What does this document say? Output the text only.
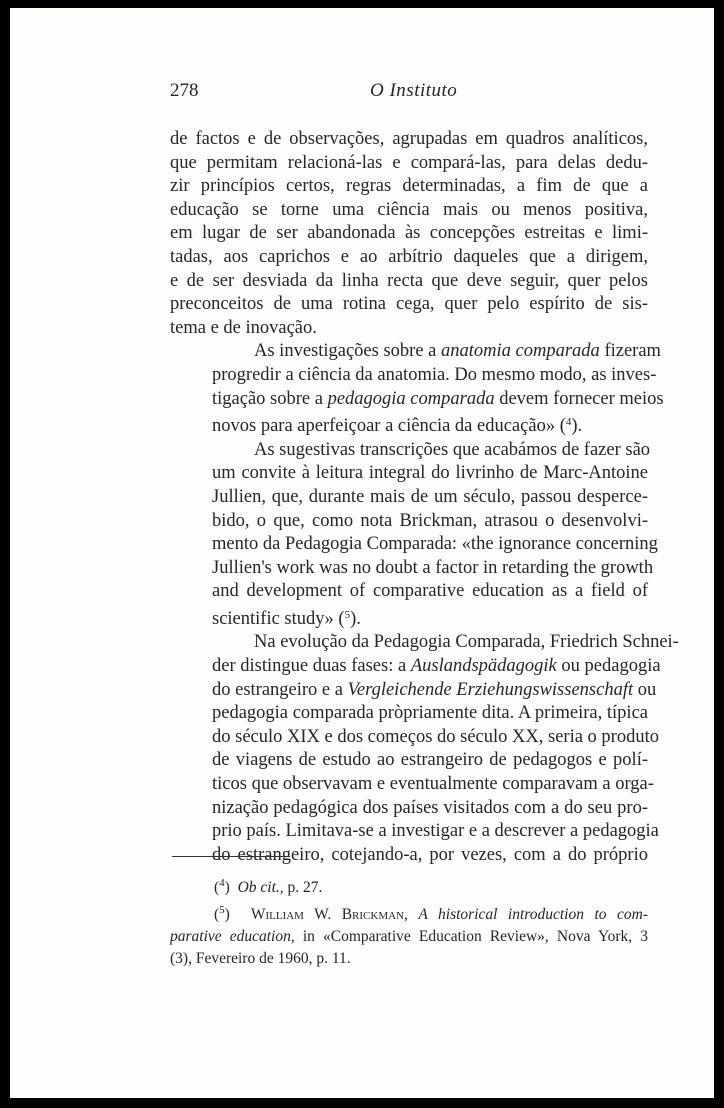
278	O Instituto

de factos e de observações, agrupadas em quadros analíticos,
que permitam relacioná-las e compará-las, para delas dedu-
zir princípios certos, regras determinadas, a fim de que a
educação se torne uma ciência mais ou menos positiva,
em lugar de ser abandonada às concepções estreitas e limi-
tadas, aos caprichos e ao arbítrio daqueles que a dirigem,
e de ser desviada da linha recta que deve seguir, quer pelos
preconceitos de uma rotina cega, quer pelo espírito de sis-
tema e de inovação.

As investigações sobre a anatomia comparada fizeram
progredir a ciência da anatomia. Do mesmo modo, as inves-
tigação sobre a pedagogia comparada devem fornecer meios
novos para aperfeiçoar a ciência da educação» ($^4$).

As sugestivas transcrições que acabámos de fazer são
um convite à leitura integral do livrinho de Marc-Antoine
Jullien, que, durante mais de um século, passou desperce-
bido, o que, como nota Brickman, atrasou o desenvolvi-
mento da Pedagogia Comparada: «the ignorance concerning
Jullien's work was no doubt a factor in retarding the growth
and development of comparative education as a field of
scientific study» ($^5$).

Na evolução da Pedagogia Comparada, Friedrich Schnei-
der distingue duas fases: a Auslandspädagogik ou pedagogia
do estrangeiro e a Vergleichende Erziehungswissenschaft ou
pedagogia comparada pròpriamente dita. A primeira, típica
do século XIX e dos começos do século XX, seria o produto
de viagens de estudo ao estrangeiro de pedagogos e polí-
ticos que observavam e eventualmente comparavam a orga-
nização pedagógica dos países visitados com a do seu pro-
prio país. Limitava-se a investigar e a descrever a pedagogia
do estrangeiro, cotejando-a, por vezes, com a do próprio

($^4$)  Ob cit., p. 27.
($^5$)  William W. Brickman, A historical introduction to com-
parative education, in «Comparative Education Review», Nova York, 3
(3), Fevereiro de 1960, p. 11.
